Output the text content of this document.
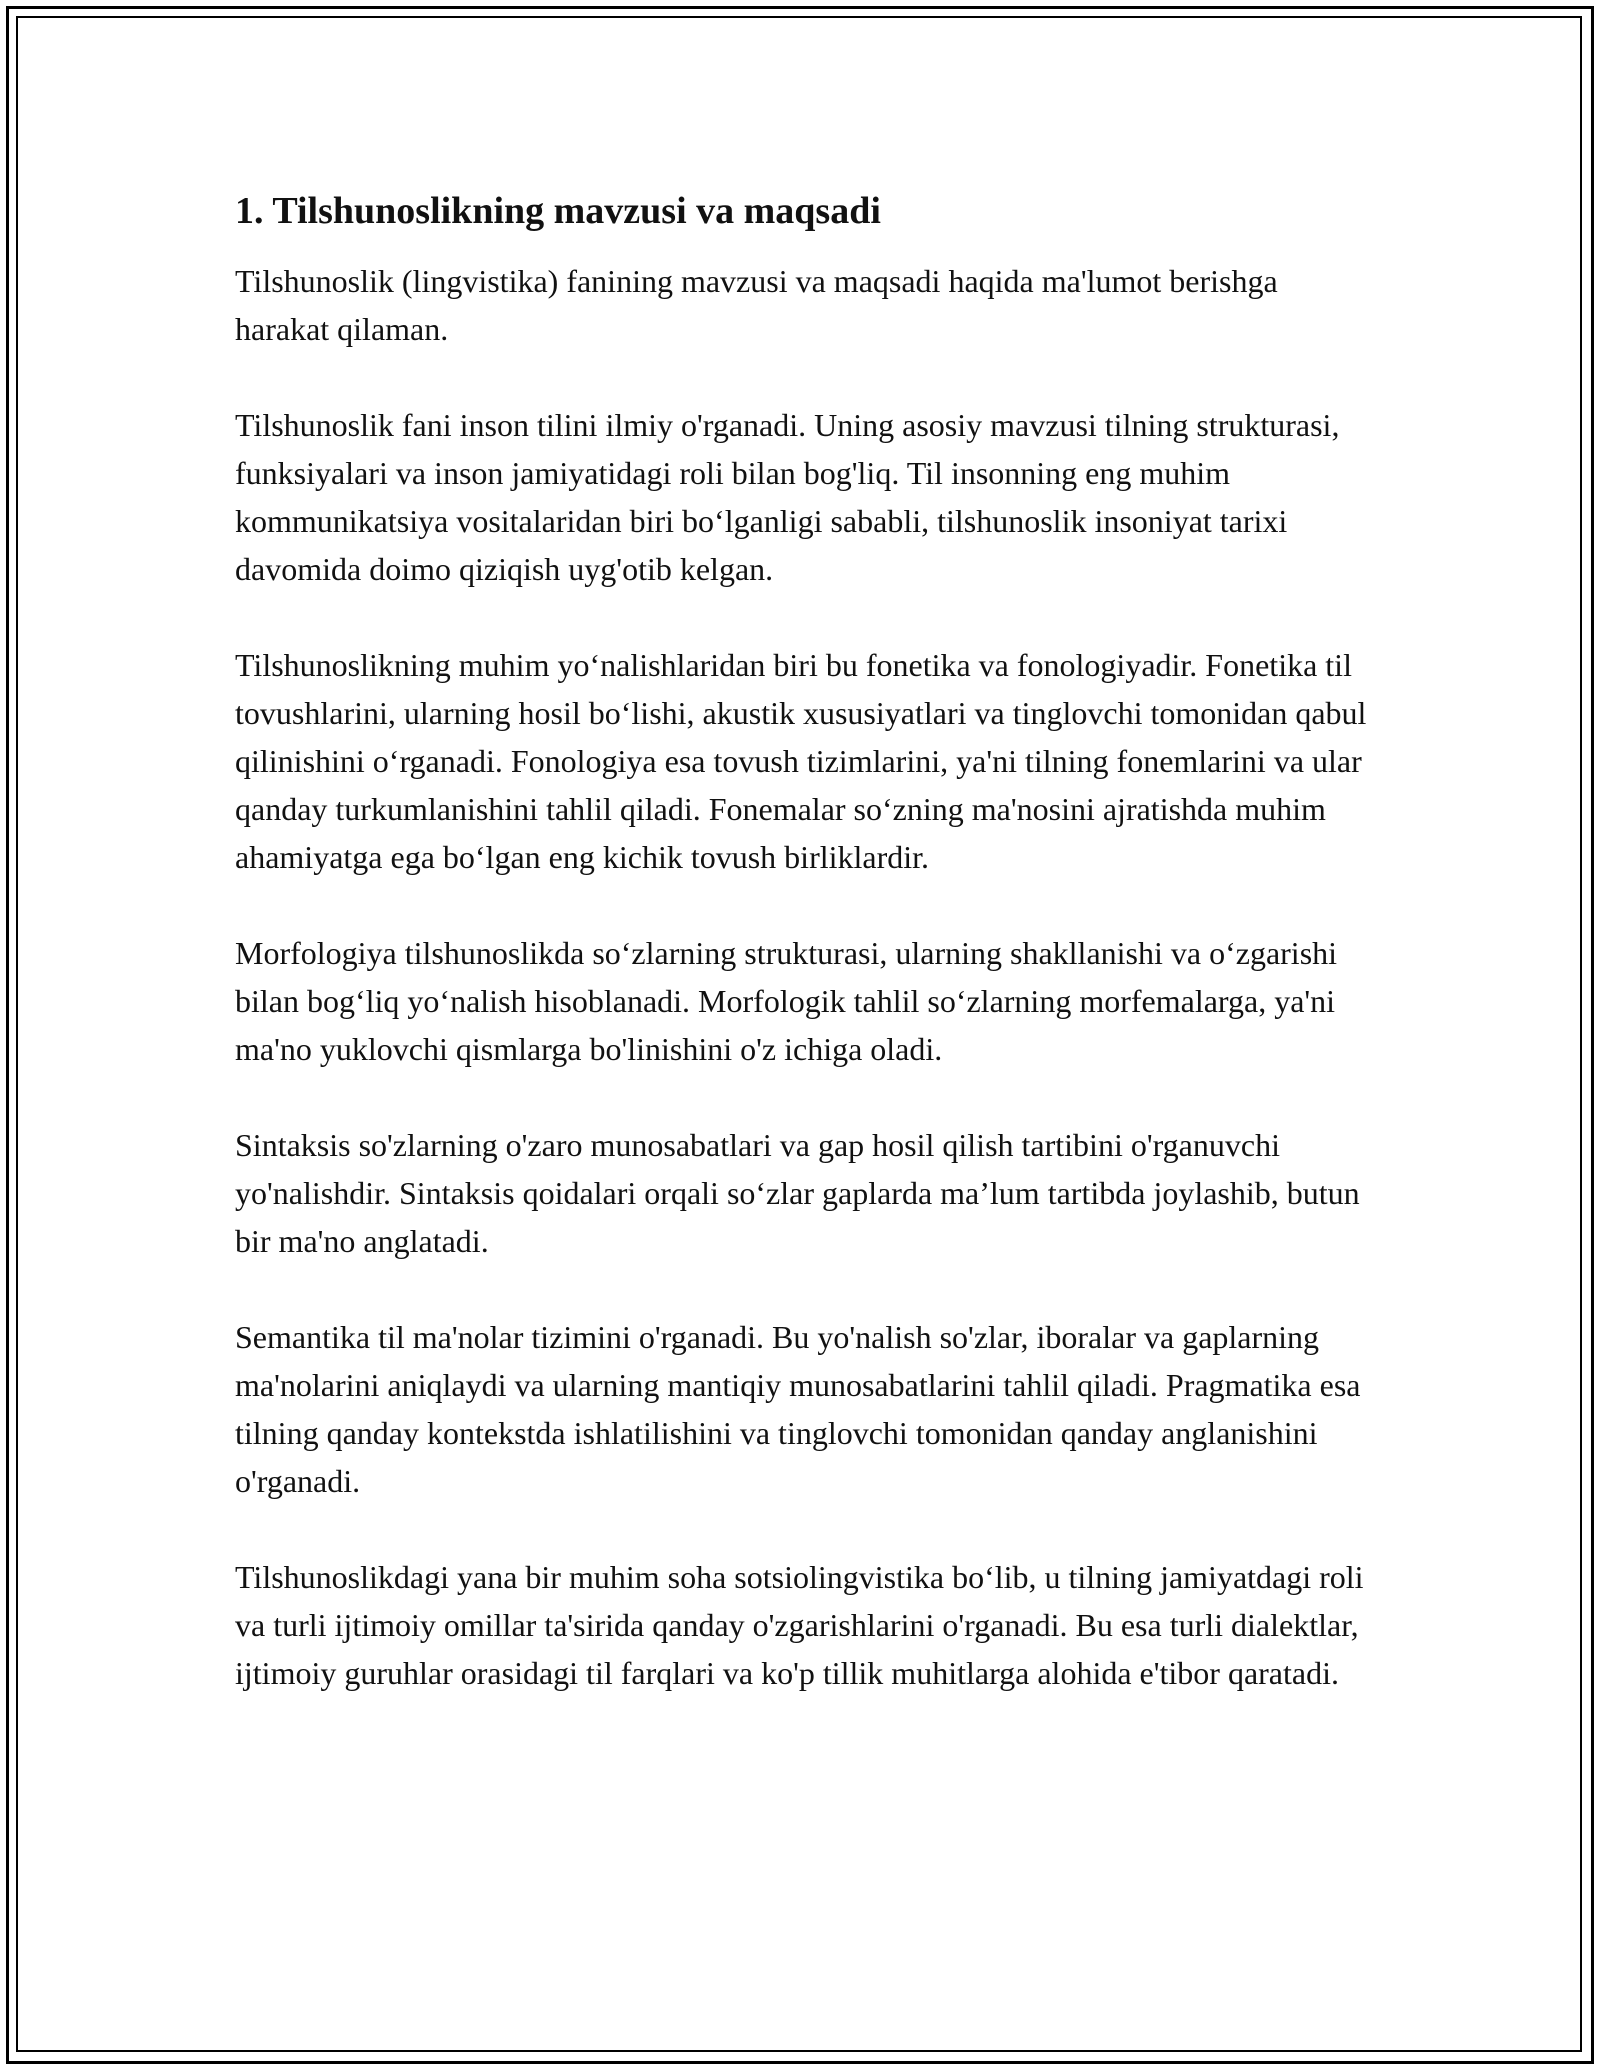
1. Tilshunoslikning mavzusi va maqsadi

Tilshunoslik (lingvistika) fanining mavzusi va maqsadi haqida ma'lumot berishga harakat qilaman.

Tilshunoslik fani inson tilini ilmiy o'rganadi. Uning asosiy mavzusi tilning strukturasi, funksiyalari va inson jamiyatidagi roli bilan bog'liq. Til insonning eng muhim kommunikatsiya vositalaridan biri bo‘lganligi sababli, tilshunoslik insoniyat tarixi davomida doimo qiziqish uyg'otib kelgan.

Tilshunoslikning muhim yo‘nalishlaridan biri bu fonetika va fonologiyadir. Fonetika til tovushlarini, ularning hosil bo‘lishi, akustik xususiyatlari va tinglovchi tomonidan qabul qilinishini o‘rganadi. Fonologiya esa tovush tizimlarini, ya'ni tilning fonemlarini va ular qanday turkumlanishini tahlil qiladi. Fonemalar so‘zning ma'nosini ajratishda muhim ahamiyatga ega bo‘lgan eng kichik tovush birliklardir.

Morfologiya tilshunoslikda so‘zlarning strukturasi, ularning shakllanishi va o‘zgarishi bilan bog‘liq yo‘nalish hisoblanadi. Morfologik tahlil so‘zlarning morfemalarga, ya'ni ma'no yuklovchi qismlarga bo'linishini o'z ichiga oladi.

Sintaksis so'zlarning o'zaro munosabatlari va gap hosil qilish tartibini o'rganuvchi yo'nalishdir. Sintaksis qoidalari orqali so‘zlar gaplarda ma’lum tartibda joylashib, butun bir ma'no anglatadi.

Semantika til ma'nolar tizimini o'rganadi. Bu yo'nalish so'zlar, iboralar va gaplarning ma'nolarini aniqlaydi va ularning mantiqiy munosabatlarini tahlil qiladi. Pragmatika esa tilning qanday kontekstda ishlatilishini va tinglovchi tomonidan qanday anglanishini o'rganadi.

Tilshunoslikdagi yana bir muhim soha sotsiolingvistika bo‘lib, u tilning jamiyatdagi roli va turli ijtimoiy omillar ta'sirida qanday o'zgarishlarini o'rganadi. Bu esa turli dialektlar, ijtimoiy guruhlar orasidagi til farqlari va ko'p tillik muhitlarga alohida e'tibor qaratadi.
